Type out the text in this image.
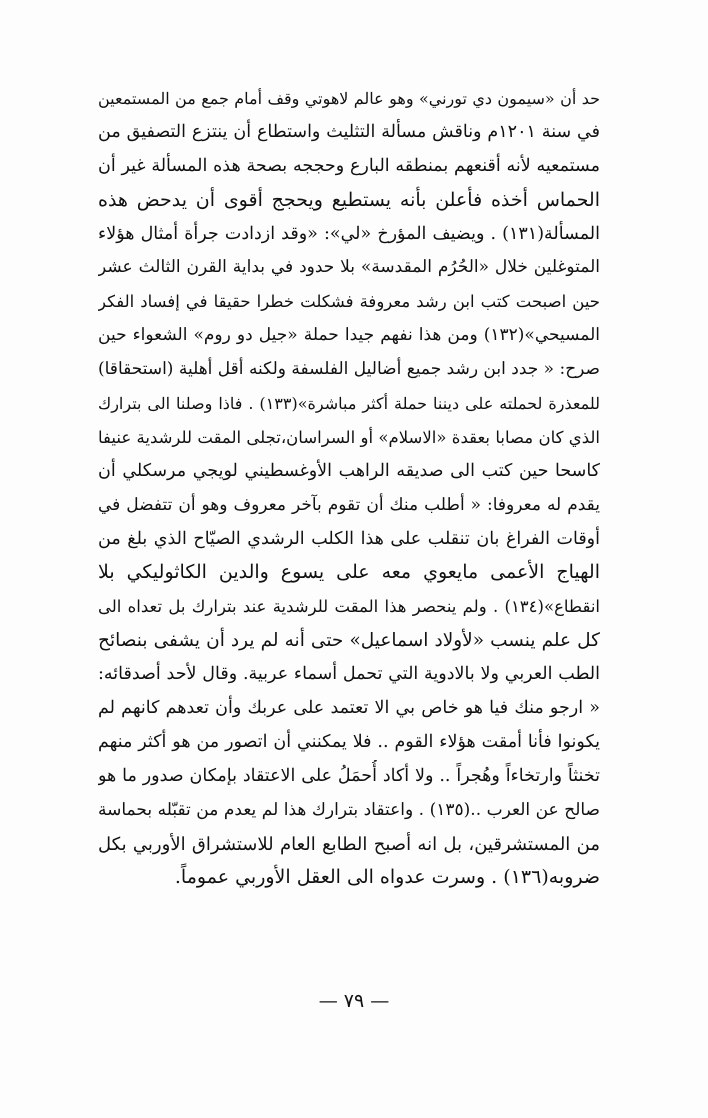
حد أن «سيمون دي تورني» وهو عالم لاهوتي وقف أمام جمع من المستمعين
في سنة ١٢٠١م وناقش مسألة التثليث واستطاع أن ينتزع التصفيق من
مستمعيه لأنه أقنعهم بمنطقه البارع وحججه بصحة هذه المسألة غير أن
الحماس أخذه فأعلن بأنه يستطيع ويحجج أقوى أن يدحض هذه
المسألة(١٣١) . ويضيف المؤرخ «لي»: «وقد ازدادت جرأة أمثال هؤلاء
المتوغلين خلال «الحُرُم المقدسة» بلا حدود في بداية القرن الثالث عشر
حين اصبحت كتب ابن رشد معروفة فشكلت خطرا حقيقا في إفساد الفكر
المسيحي»(١٣٢) ومن هذا نفهم جيدا حملة «جيل دو روم» الشعواء حين
صرح: « جدد ابن رشد جميع أضاليل الفلسفة ولكنه أقل أهلية (استحقاقا)
للمعذرة لحملته على ديننا حملة أكثر مباشرة»(١٣٣) . فاذا وصلنا الى بترارك
الذي كان مصابا بعقدة «الاسلام» أو السراسان،تجلى المقت للرشدية عنيفا
كاسحا حين كتب الى صديقه الراهب الأوغسطيني لويجي مرسكلي أن
يقدم له معروفا: « أطلب منك أن تقوم بآخر معروف وهو أن تتفضل في
أوقات الفراغ بان تنقلب على هذا الكلب الرشدي الصيّاح الذي بلغ من
الهياج الأعمى مايعوي معه على يسوع والدين الكاثوليكي بلا
انقطاع»(١٣٤) . ولم ينحصر هذا المقت للرشدية عند بترارك بل تعداه الى
كل علم ينسب «لأولاد اسماعيل» حتى أنه لم يرد أن يشفى بنصائح
الطب العربي ولا بالادوية التي تحمل أسماء عربية. وقال لأحد أصدقائه:
« ارجو منك فيا هو خاص بي الا تعتمد على عربك وأن تعدهم كانهم لم
يكونوا فأنا أمقت هؤلاء القوم .. فلا يمكنني أن اتصور من هو أكثر منهم
تخنثاً وارتخاءاً وهُجراً .. ولا أكاد أُحمَلُ على الاعتقاد بإمكان صدور ما هو
صالح عن العرب ..(١٣٥) . واعتقاد بترارك هذا لم يعدم من تقبّله بحماسة
من المستشرقين، بل انه أصبح الطابع العام للاستشراق الأوربي بكل
ضروبه(١٣٦) . وسرت عدواه الى العقل الأوربي عموماً.
— ٧٩ —
